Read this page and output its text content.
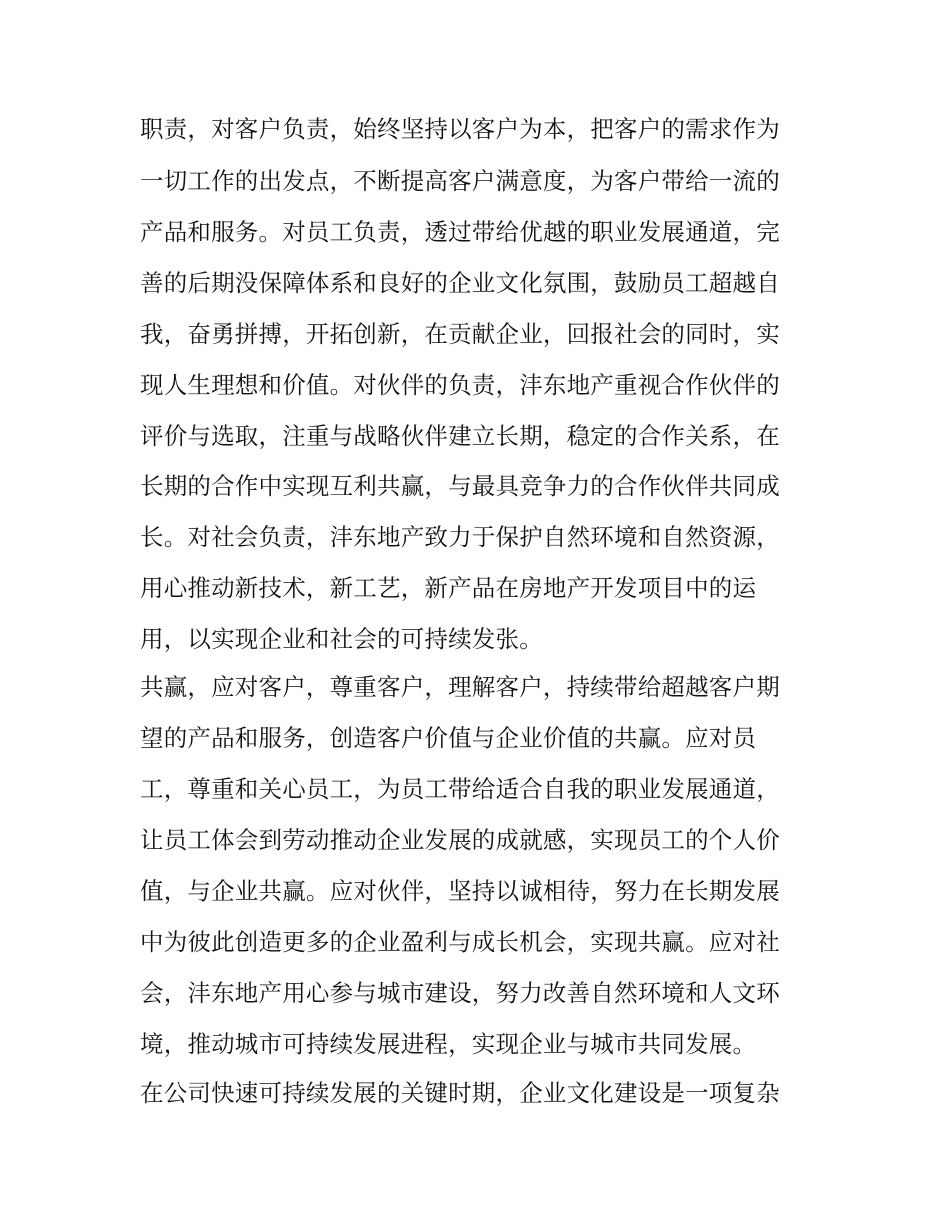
职责，对客户负责，始终坚持以客户为本，把客户的需求作为
一切工作的出发点，不断提高客户满意度，为客户带给一流的
产品和服务。对员工负责，透过带给优越的职业发展通道，完
善的后期没保障体系和良好的企业文化氛围，鼓励员工超越自
我，奋勇拼搏，开拓创新，在贡献企业，回报社会的同时，实
现人生理想和价值。对伙伴的负责，沣东地产重视合作伙伴的
评价与选取，注重与战略伙伴建立长期，稳定的合作关系，在
长期的合作中实现互利共赢，与最具竞争力的合作伙伴共同成
长。对社会负责，沣东地产致力于保护自然环境和自然资源，
用心推动新技术，新工艺，新产品在房地产开发项目中的运
用，以实现企业和社会的可持续发张。
共赢，应对客户，尊重客户，理解客户，持续带给超越客户期
望的产品和服务，创造客户价值与企业价值的共赢。应对员
工，尊重和关心员工，为员工带给适合自我的职业发展通道，
让员工体会到劳动推动企业发展的成就感，实现员工的个人价
值，与企业共赢。应对伙伴，坚持以诚相待，努力在长期发展
中为彼此创造更多的企业盈利与成长机会，实现共赢。应对社
会，沣东地产用心参与城市建设，努力改善自然环境和人文环
境，推动城市可持续发展进程，实现企业与城市共同发展。
在公司快速可持续发展的关键时期，企业文化建设是一项复杂
